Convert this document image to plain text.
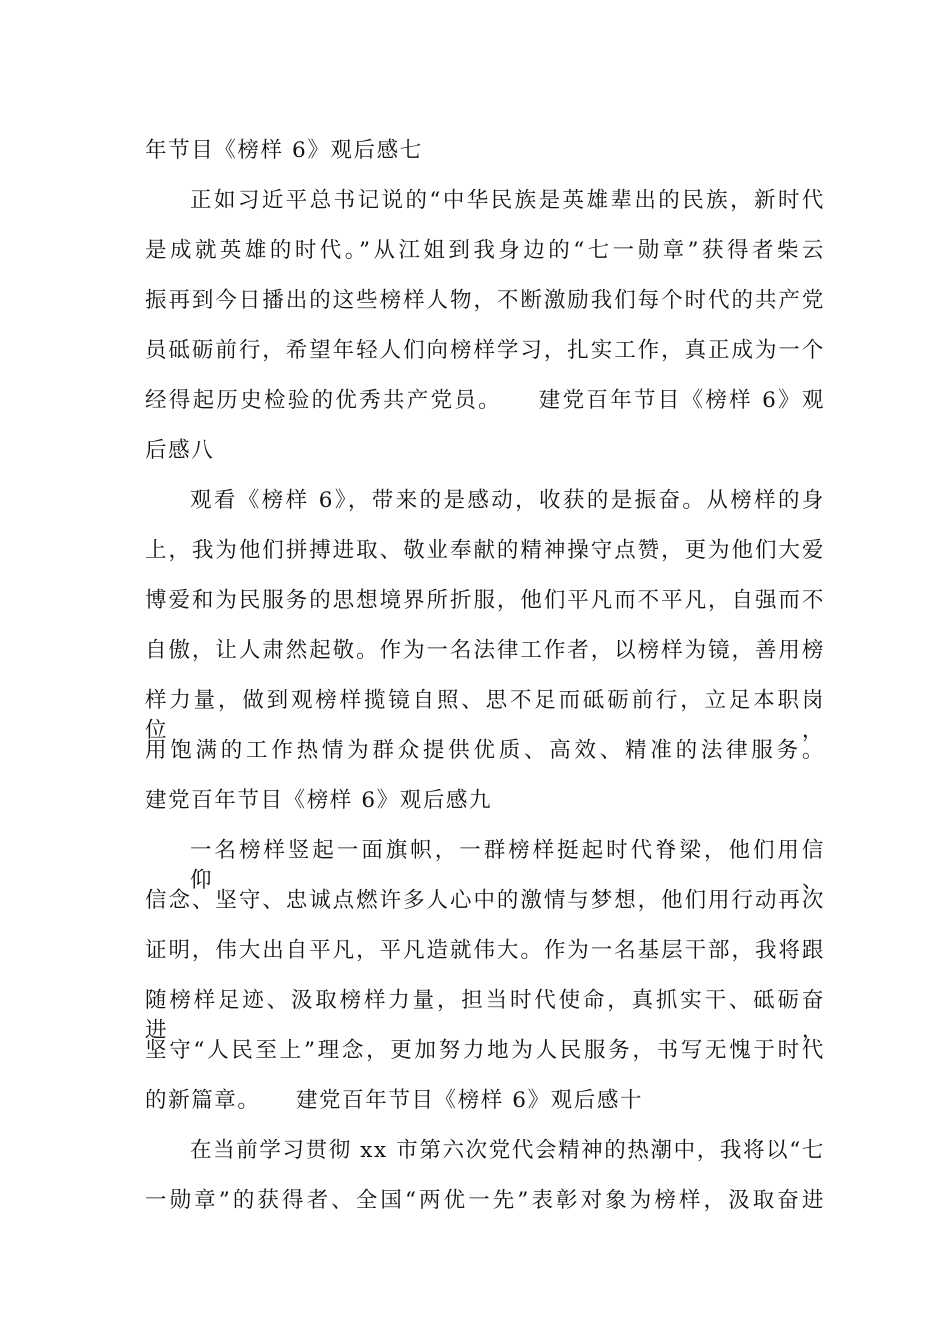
年节目《榜样 6》观后感七
正如习近平总书记说的“中华民族是英雄辈出的民族，新时代
是成就英雄的时代。”从江姐到我身边的“七一勋章”获得者柴云
振再到今日播出的这些榜样人物，不断激励我们每个时代的共产党
员砥砺前行，希望年轻人们向榜样学习，扎实工作，真正成为一个
经得起历史检验的优秀共产党员。　　建党百年节目《榜样 6》观
后感八
观看《榜样 6》，带来的是感动，收获的是振奋。从榜样的身
上，我为他们拼搏进取、敬业奉献的精神操守点赞，更为他们大爱
博爱和为民服务的思想境界所折服，他们平凡而不平凡，自强而不
自傲，让人肃然起敬。作为一名法律工作者，以榜样为镜，善用榜
样力量，做到观榜样揽镜自照、思不足而砥砺前行，立足本职岗位，
用饱满的工作热情为群众提供优质、高效、精准的法律服务。
建党百年节目《榜样 6》观后感九
一名榜样竖起一面旗帜，一群榜样挺起时代脊梁，他们用信仰、
信念、坚守、忠诚点燃许多人心中的激情与梦想，他们用行动再次
证明，伟大出自平凡，平凡造就伟大。作为一名基层干部，我将跟
随榜样足迹、汲取榜样力量，担当时代使命，真抓实干、砥砺奋进，
坚守“人民至上”理念，更加努力地为人民服务，书写无愧于时代
的新篇章。　　建党百年节目《榜样 6》观后感十
在当前学习贯彻 xx 市第六次党代会精神的热潮中，我将以“七
一勋章”的获得者、全国“两优一先”表彰对象为榜样，汲取奋进
